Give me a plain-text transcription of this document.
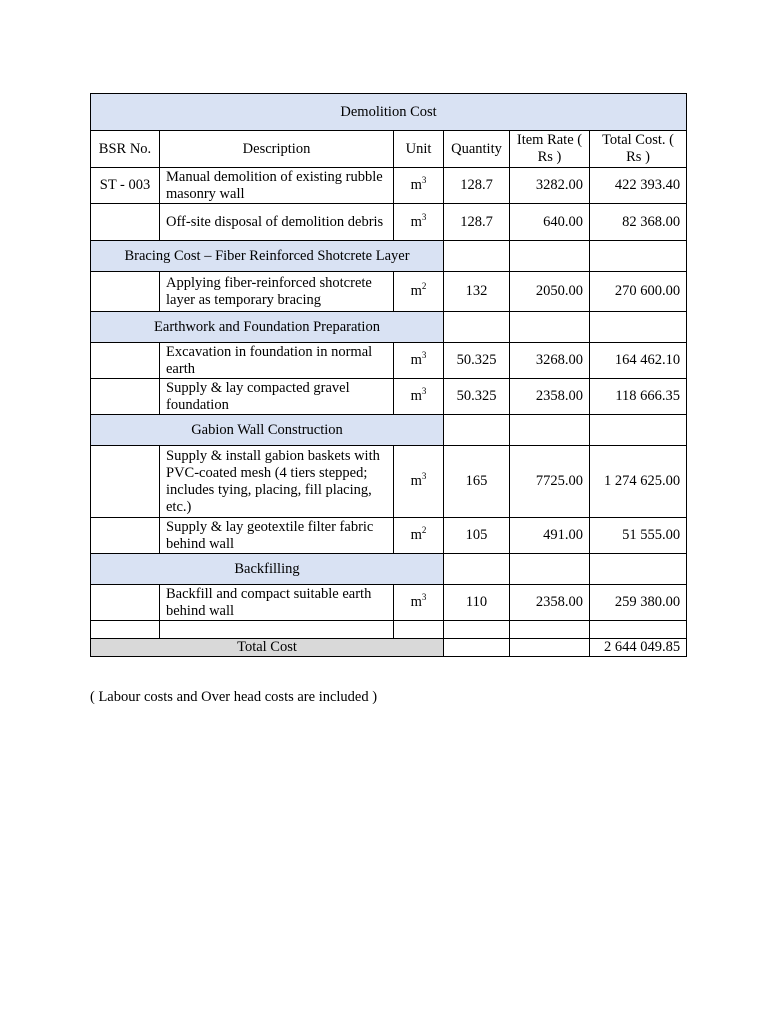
Demolition Cost					
BSR No.	Description	Unit	Quantity	Item Rate ( Rs )	Total Cost. ( Rs )
ST - 003	Manual demolition of existing rubble masonry wall	$m^3$	128.7	3282.00	422 393.40
	Off-site disposal of demolition debris	$m^3$	128.7	640.00	82 368.00
Bracing Cost – Fiber Reinforced Shotcrete Layer					
	Applying fiber-reinforced shotcrete layer as temporary bracing	$m^2$	132	2050.00	270 600.00
Earthwork and Foundation Preparation					
	Excavation in foundation in normal earth	$m^3$	50.325	3268.00	164 462.10
	Supply & lay compacted gravel foundation	$m^3$	50.325	2358.00	118 666.35
Gabion Wall Construction					
	Supply & install gabion baskets with PVC-coated mesh (4 tiers stepped; includes tying, placing, fill placing, etc.)	$m^3$	165	7725.00	1 274 625.00
	Supply & lay geotextile filter fabric behind wall	$m^2$	105	491.00	51 555.00
Backfilling					
	Backfill and compact suitable earth behind wall	$m^3$	110	2358.00	259 380.00

Total Cost					2 644 049.85
( Labour costs and Over head costs are included )
